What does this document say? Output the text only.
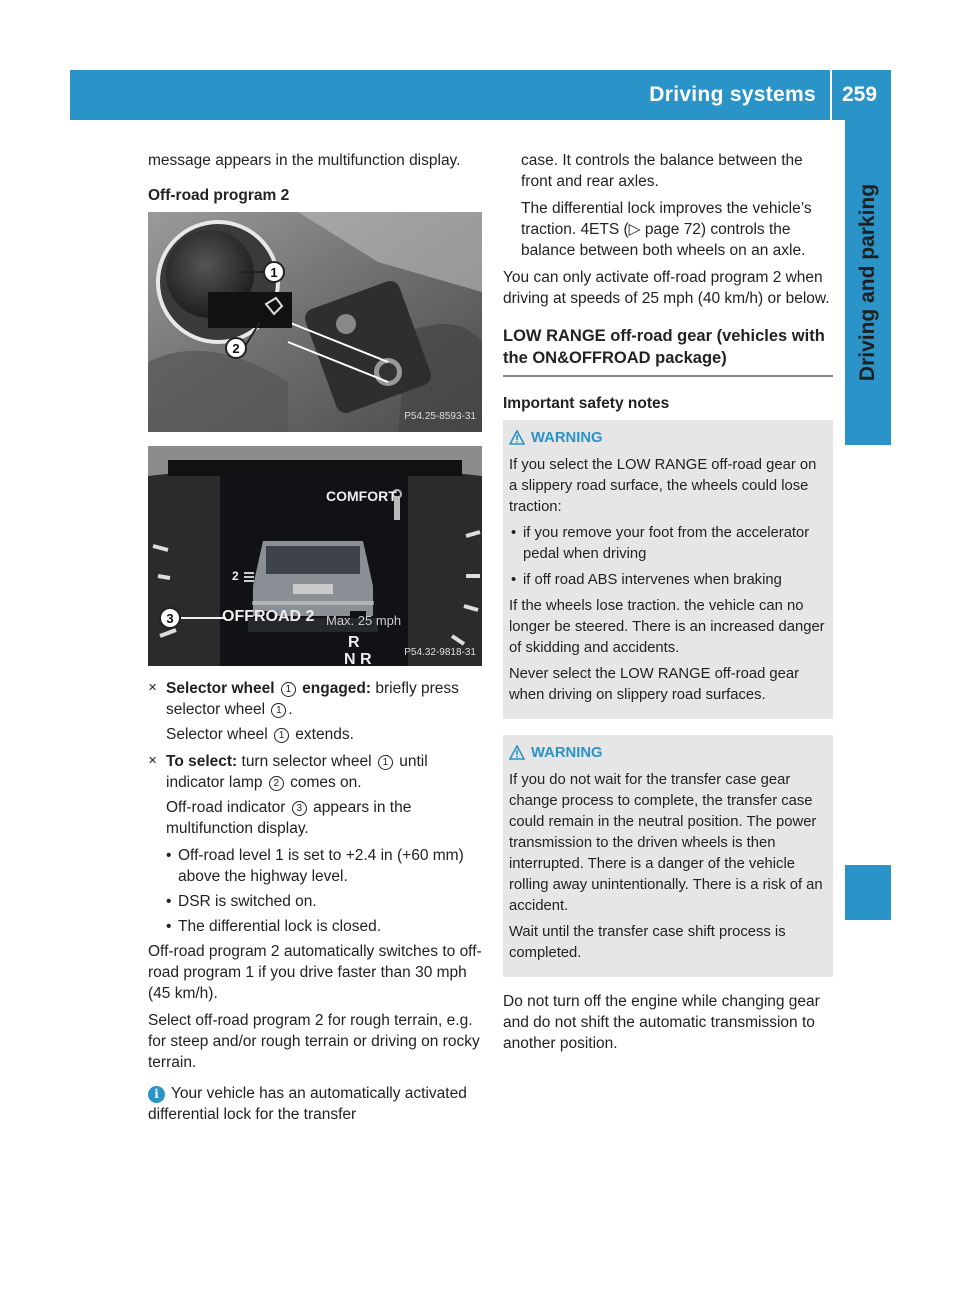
Driving systems	259
Driving and parking

message appears in the multifunction display.

Off-road program 2

1
2
P54.25-8593-31
3
COMFORT
2
OFFROAD 2 Max. 25 mph
R
N R	P54.32-9818-31

✕ Selector wheel 1 engaged: briefly press selector wheel 1 .

Selector wheel 1 extends.

✕ To select: turn selector wheel 1 until indicator lamp 2 comes on.

Off-road indicator 3 appears in the multifunction display.

• Off-road level 1 is set to +2.4 in (+60 mm) above the highway level.

• DSR is switched on.

• The differential lock is closed.

Off-road program 2 automatically switches to off-road program 1 if you drive faster than 30 mph (45 km/h).

Select off-road program 2 for rough terrain, e.g. for steep and/or rough terrain or driving on rocky terrain.

i Your vehicle has an automatically activated differential lock for the transfer

case. It controls the balance between the front and rear axles.

The differential lock improves the vehicle’s traction. 4ETS (▷ page 72) controls the balance between both wheels on an axle.

You can only activate off-road program 2 when driving at speeds of 25 mph (40 km/h) or below.

LOW RANGE off-road gear (vehicles with the ON&OFFROAD package)

Important safety notes

WARNING

If you select the LOW RANGE off-road gear on a slippery road surface, the wheels could lose traction:

• if you remove your foot from the accelerator pedal when driving

• if off road ABS intervenes when braking

If the wheels lose traction. the vehicle can no longer be steered. There is an increased danger of skidding and accidents.

Never select the LOW RANGE off-road gear when driving on slippery road surfaces.

WARNING

If you do not wait for the transfer case gear change process to complete, the transfer case could remain in the neutral position. The power transmission to the driven wheels is then interrupted. There is a danger of the vehicle rolling away unintentionally. There is a risk of an accident.

Wait until the transfer case shift process is completed.

Do not turn off the engine while changing gear and do not shift the automatic transmission to another position.
